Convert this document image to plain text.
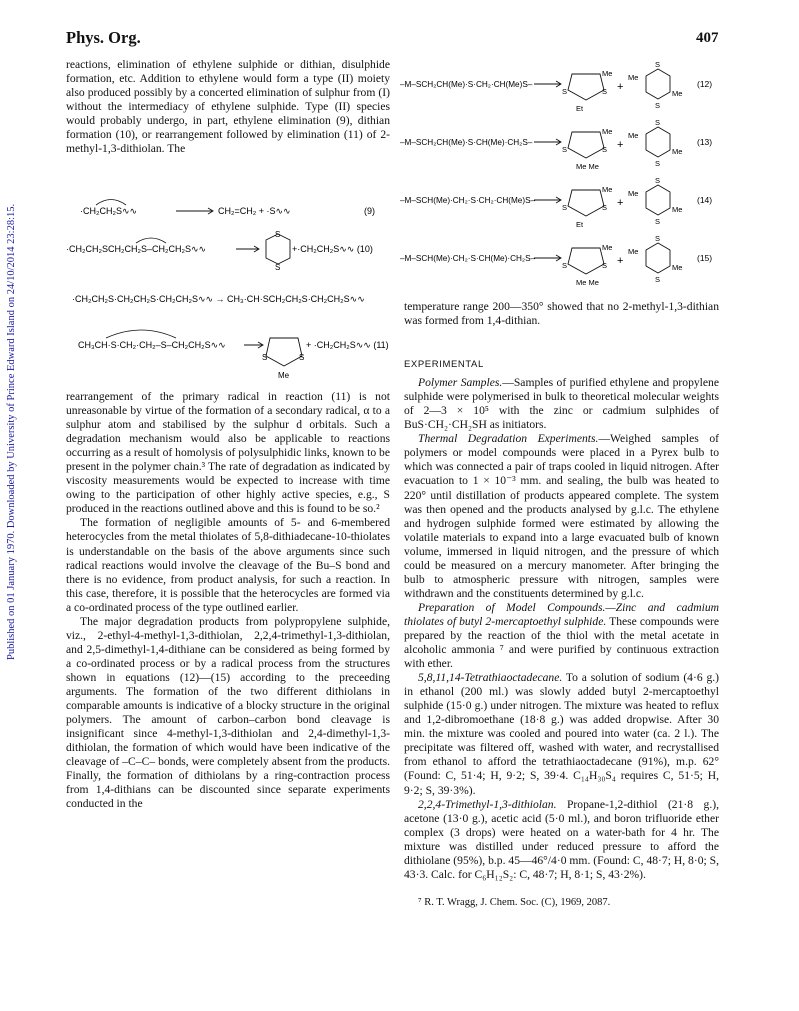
Published on 01 January 1970. Downloaded by University of Prince Edward Island on 24/10/2014 23:28:15.
Phys. Org.	407

reactions, elimination of ethylene sulphide or dithian, disulphide formation, etc. Addition to ethylene would form a type (II) moiety also produced possibly by a concerted elimination of sulphur from (I) without the intermediacy of ethylene sulphide. Type (II) species would probably undergo, in part, ethylene elimination (9), dithian formation (10), or rearrangement followed by elimination (11) of 2-methyl-1,3-dithiolan. The

·CH₂CH₂S∿∿	CH₂=CH₂ + ·S∿∿	(9)
·CH₂CH₂SCH₂CH₂S–CH₂CH₂S∿∿
S
S
+·CH₂CH₂S∿∿ (10)
·CH₂CH₂S·CH₂CH₂S·CH₂CH₂S∿∿ → CH₃·CH·SCH₂CH₂S·CH₂CH₂S∿∿
CH₃CH·S·CH₂·CH₂–S–CH₂CH₂S∿∿
S	S
Me
+ ·CH₂CH₂S∿∿ (11)

rearrangement of the primary radical in reaction (11) is not unreasonable by virtue of the formation of a secondary radical, α to a sulphur atom and stabilised by the sulphur d orbitals. Such a degradation mechanism would also be applicable to reactions occurring as a result of homolysis of polysulphidic links, known to be present in the polymer chain.³ The rate of degradation as indicated by viscosity measurements would be expected to increase with time owing to the participation of other highly active species, e.g., S produced in the reactions outlined above and this is found to be so.²

The formation of negligible amounts of 5- and 6-membered heterocycles from the metal thiolates of 5,8-dithiadecane-10-thiolates is understandable on the basis of the above arguments since such radical reactions would involve the cleavage of the Bu–S bond and there is no evidence, from product analysis, for such a reaction. In this case, therefore, it is possible that the heterocycles are formed via a co-ordinated process of the type outlined earlier.

The major degradation products from polypropylene sulphide, viz., 2-ethyl-4-methyl-1,3-dithiolan, 2,2,4-trimethyl-1,3-dithiolan, and 2,5-dimethyl-1,4-dithiane can be considered as being formed by a co-ordinated process or by a radical process from the structures shown in equations (12)—(15) according to the preceeding arguments. The formation of the two different dithiolans in comparable amounts is indicative of a blocky structure in the original polymers. The amount of carbon–carbon bond cleavage is insignificant since 4-methyl-1,3-dithiolan and 2,4-dimethyl-1,3-dithiolan, the formation of which would have been indicative of the cleavage of –C–C– bonds, were completely absent from the products. Finally, the formation of dithiolans by a ring-contraction process from 1,4-dithians can be discounted since separate experiments conducted in the

–M–SCH₂CH(Me)·S·CH₂·CH(Me)S–
S	S
Me
Et
+
S
S
Me
Me
(12)
–M–SCH₂CH(Me)·S·CH(Me)·CH₂S–
S	S
Me
Me Me
+
S
S
Me
Me
(13)
–M–SCH(Me)·CH₂·S·CH₂·CH(Me)S–
S	S
Me
Et
+
S
S
Me
Me
(14)
–M–SCH(Me)·CH₂·S·CH(Me)·CH₂S–
S	S
Me
Me Me
+
S
S
Me
Me
(15)

temperature range 200—350° showed that no 2-methyl-1,3-dithian was formed from 1,4-dithian.

EXPERIMENTAL

Polymer Samples.—Samples of purified ethylene and propylene sulphide were polymerised in bulk to theoretical molecular weights of 2—3 × 10⁵ with the zinc or cadmium sulphides of BuS·CH₂·CH₂SH as initiators.

Thermal Degradation Experiments.—Weighed samples of polymers or model compounds were placed in a Pyrex bulb to which was connected a pair of traps cooled in liquid nitrogen. After evacuation to 1 × 10⁻³ mm. and sealing, the bulb was heated to 220° until distillation of products appeared complete. The system was then opened and the products analysed by g.l.c. The ethylene and hydrogen sulphide formed were estimated by allowing the volatile materials to expand into a large evacuated bulb of known volume, immersed in liquid nitrogen, and the pressure of which could be measured on a mercury manometer. After bringing the bulb to atmospheric pressure with nitrogen, samples were withdrawn and the constituents determined by g.l.c.

Preparation of Model Compounds.—Zinc and cadmium thiolates of butyl 2-mercaptoethyl sulphide. These compounds were prepared by the reaction of the thiol with the metal acetate in alcoholic ammonia ⁷ and were purified by continuous extraction with ether.

5,8,11,14-Tetrathiaoctadecane. To a solution of sodium (4·6 g.) in ethanol (200 ml.) was slowly added butyl 2-mercaptoethyl sulphide (15·0 g.) under nitrogen. The mixture was heated to reflux and 1,2-dibromoethane (18·8 g.) was added dropwise. After 30 min. the mixture was cooled and poured into water (ca. 2 l.). The precipitate was filtered off, washed with water, and recrystallised from ethanol to afford the tetrathiaoctadecane (91%), m.p. 62° (Found: C, 51·4; H, 9·2; S, 39·4. C₁₄H₃₀S₄ requires C, 51·5; H, 9·2; S, 39·3%).

2,2,4-Trimethyl-1,3-dithiolan. Propane-1,2-dithiol (21·8 g.), acetone (13·0 g.), acetic acid (5·0 ml.), and boron trifluoride ether complex (3 drops) were heated on a water-bath for 4 hr. The mixture was distilled under reduced pressure to afford the dithiolane (95%), b.p. 45—46°/4·0 mm. (Found: C, 48·7; H, 8·0; S, 43·3. Calc. for C₆H₁₂S₂: C, 48·7; H, 8·1; S, 43·2%).

⁷ R. T. Wragg, J. Chem. Soc. (C), 1969, 2087.
